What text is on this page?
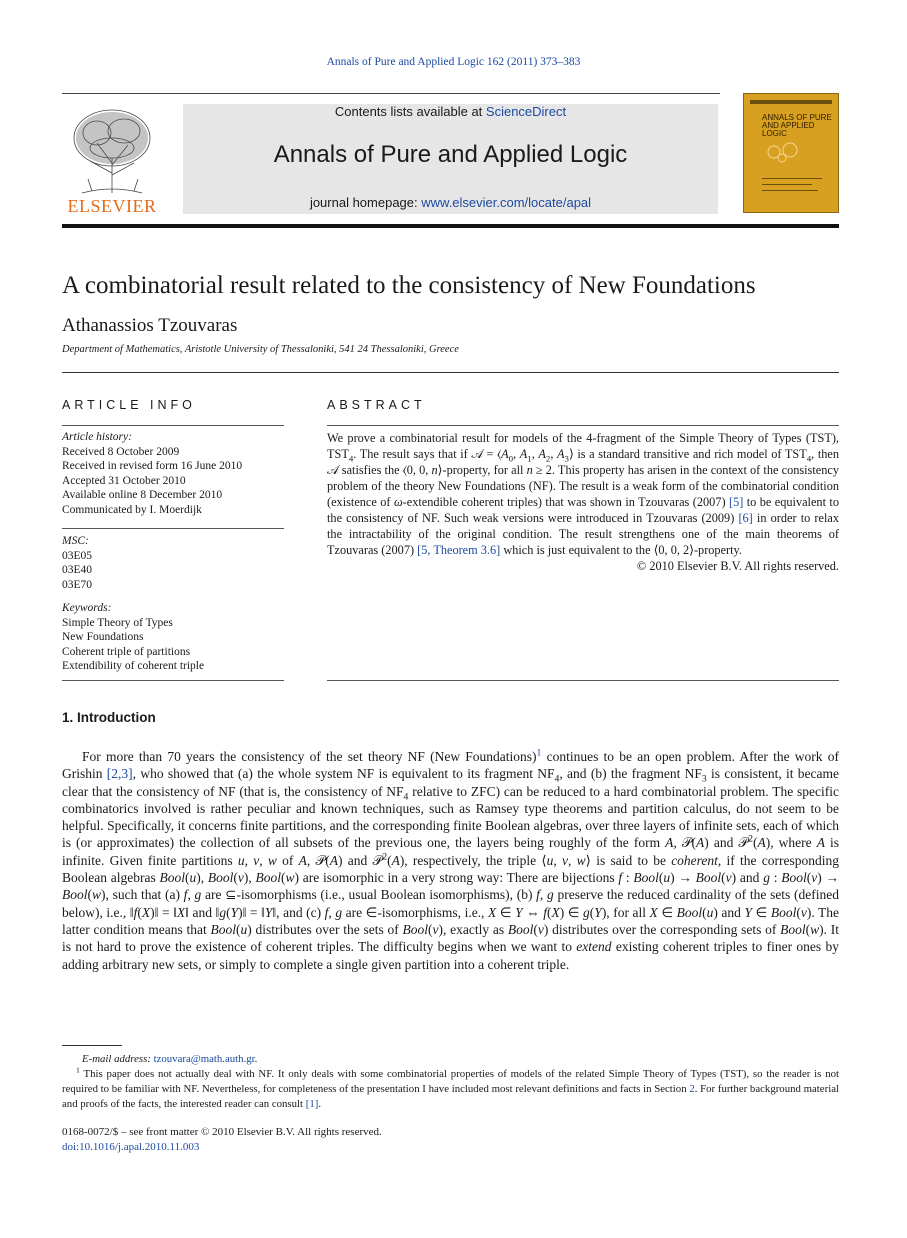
Annals of Pure and Applied Logic 162 (2011) 373–383
ELSEVIER
Contents lists available at ScienceDirect
Annals of Pure and Applied Logic
journal homepage: www.elsevier.com/locate/apal
ANNALS OF PURE AND APPLIED LOGIC
A combinatorial result related to the consistency of New Foundations
Athanassios Tzouvaras
Department of Mathematics, Aristotle University of Thessaloniki, 541 24 Thessaloniki, Greece
ARTICLE INFO	ABSTRACT
Article history:
Received 8 October 2009
Received in revised form 16 June 2010
Accepted 31 October 2010
Available online 8 December 2010
Communicated by I. Moerdijk
MSC:
03E05
03E40
03E70
Keywords:
Simple Theory of Types
New Foundations
Coherent triple of partitions
Extendibility of coherent triple
We prove a combinatorial result for models of the 4-fragment of the Simple Theory of Types (TST), $TST_4$. The result says that if 𝒜 = $⟨A_0$, $A_1$, $A_2$, $A_3⟩$ is a standard transitive and rich model of $TST_4$, then 𝒜 satisfies the ⟨0, 0, n⟩-property, for all n ≥ 2. This property has arisen in the context of the consistency problem of the theory New Foundations (NF). The result is a weak form of the combinatorial condition (existence of ω-extendible coherent triples) that was shown in Tzouvaras (2007) [5] to be equivalent to the consistency of NF. Such weak versions were introduced in Tzouvaras (2009) [6] in order to relax the intractability of the original condition. The result strengthens one of the main theorems of Tzouvaras (2007) [5, Theorem 3.6] which is just equivalent to the ⟨0, 0, 2⟩-property.
© 2010 Elsevier B.V. All rights reserved.
1. Introduction
For more than 70 years the consistency of the set theory NF (New Foundations)$^1$ continues to be an open problem. After the work of Grishin [2,3], who showed that (a) the whole system NF is equivalent to its fragment $NF_4$, and (b) the fragment $NF_3$ is consistent, it became clear that the consistency of NF (that is, the consistency of $NF_4$ relative to ZFC) can be reduced to a hard combinatorial problem. The specific combinatorics involved is rather peculiar and known techniques, such as Ramsey type theorems and partition calculus, do not seem to be helpful. Specifically, it concerns finite partitions, and the corresponding finite Boolean algebras, over three layers of infinite sets, each of which is (or approximates) the collection of all subsets of the previous one, the layers being roughly of the form A, 𝒫(A) and 𝒫$^2$(A), where A is infinite. Given finite partitions u, v, w of A, 𝒫(A) and 𝒫$^2$(A), respectively, the triple ⟨u, v, w⟩ is said to be coherent, if the corresponding Boolean algebras Bool(u), Bool(v), Bool(w) are isomorphic in a very strong way: There are bijections f : Bool(u) → Bool(v) and g : Bool(v) → Bool(w), such that (a) f, g are ⊆-isomorphisms (i.e., usual Boolean isomorphisms), (b) f, g preserve the reduced cardinality of the sets (defined below), i.e., ‖f(X)‖ = ‖X‖ and ‖g(Y)‖ = ‖Y‖, and (c) f, g are ∈-isomorphisms, i.e., X ∈ Y ⇔ f(X) ∈ g(Y), for all X ∈ Bool(u) and Y ∈ Bool(v). The latter condition means that Bool(u) distributes over the sets of Bool(v), exactly as Bool(v) distributes over the corresponding sets of Bool(w). It is not hard to prove the existence of coherent triples. The difficulty begins when we want to extend existing coherent triples to finer ones by adding arbitrary new sets, or simply to complete a single given partition into a coherent triple.
E-mail address: tzouvara@math.auth.gr.
$^1$ This paper does not actually deal with NF. It only deals with some combinatorial properties of models of the related Simple Theory of Types (TST), so the reader is not required to be familiar with NF. Nevertheless, for completeness of the presentation I have included most relevant definitions and facts in Section 2. For further background material and proofs of the facts, the interested reader can consult [1].
0168-0072/$ – see front matter © 2010 Elsevier B.V. All rights reserved.
doi:10.1016/j.apal.2010.11.003
